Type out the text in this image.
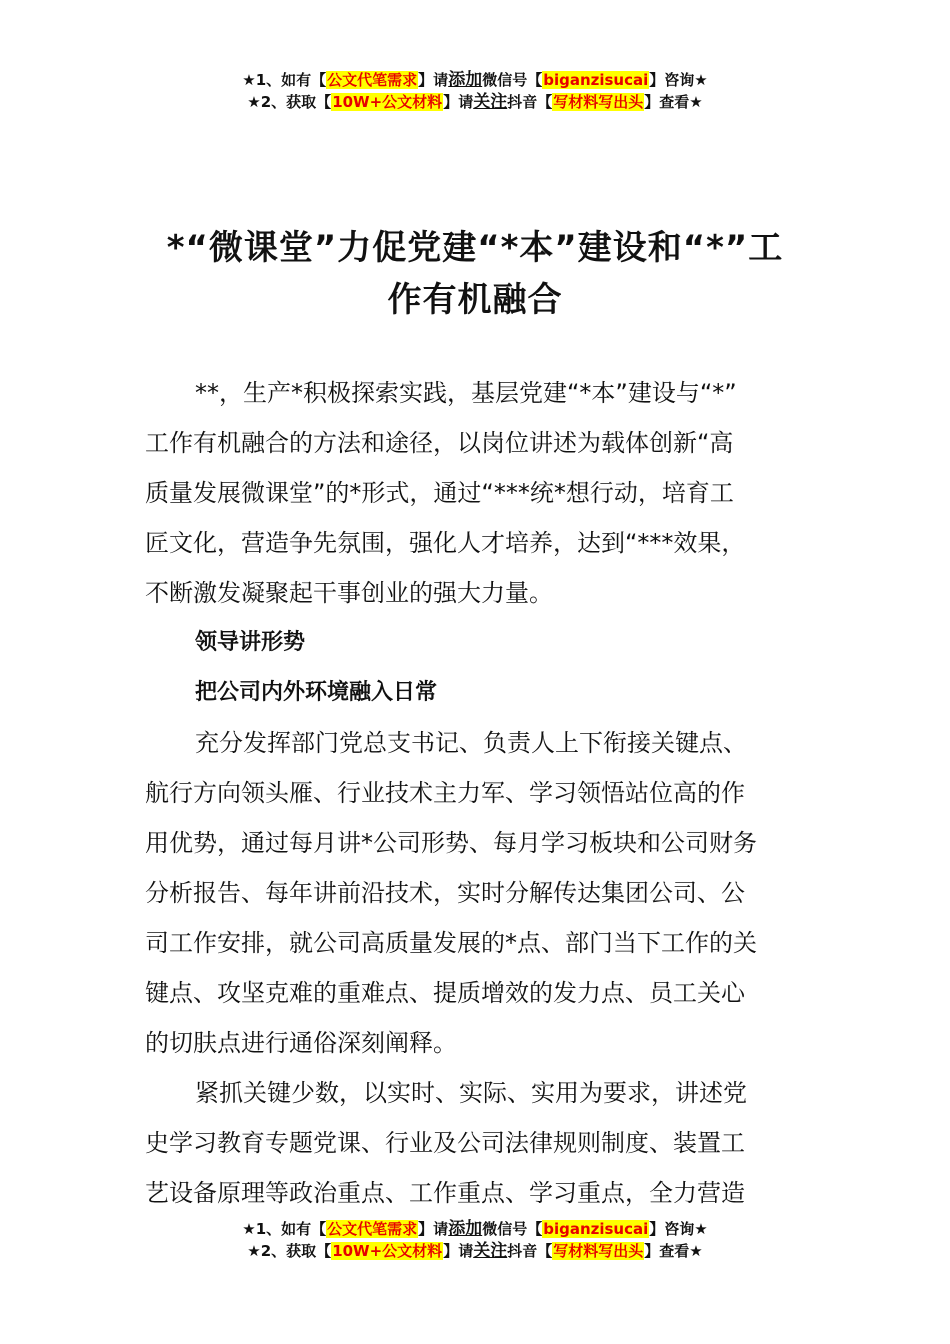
★1、如有【公文代笔需求】请添加微信号【biganzisucai】咨询★
★2、获取【10W+公文材料】请关注抖音【写材料写出头】查看★
*“微课堂”力促党建“*本”建设和“*”工
作有机融合
**，生产*积极探索实践，基层党建“*本”建设与“*”
工作有机融合的方法和途径，以岗位讲述为载体创新“高
质量发展微课堂”的*形式，通过“***统*想行动，培育工
匠文化，营造争先氛围，强化人才培养，达到“***效果，
不断激发凝聚起干事创业的强大力量。
领导讲形势
把公司内外环境融入日常
充分发挥部门党总支书记、负责人上下衔接关键点、
航行方向领头雁、行业技术主力军、学习领悟站位高的作
用优势，通过每月讲*公司形势、每月学习板块和公司财务
分析报告、每年讲前沿技术，实时分解传达集团公司、公
司工作安排，就公司高质量发展的*点、部门当下工作的关
键点、攻坚克难的重难点、提质增效的发力点、员工关心
的切肤点进行通俗深刻阐释。
紧抓关键少数，以实时、实际、实用为要求，讲述党
史学习教育专题党课、行业及公司法律规则制度、装置工
艺设备原理等政治重点、工作重点、学习重点，全力营造
★1、如有【公文代笔需求】请添加微信号【biganzisucai】咨询★
★2、获取【10W+公文材料】请关注抖音【写材料写出头】查看★
